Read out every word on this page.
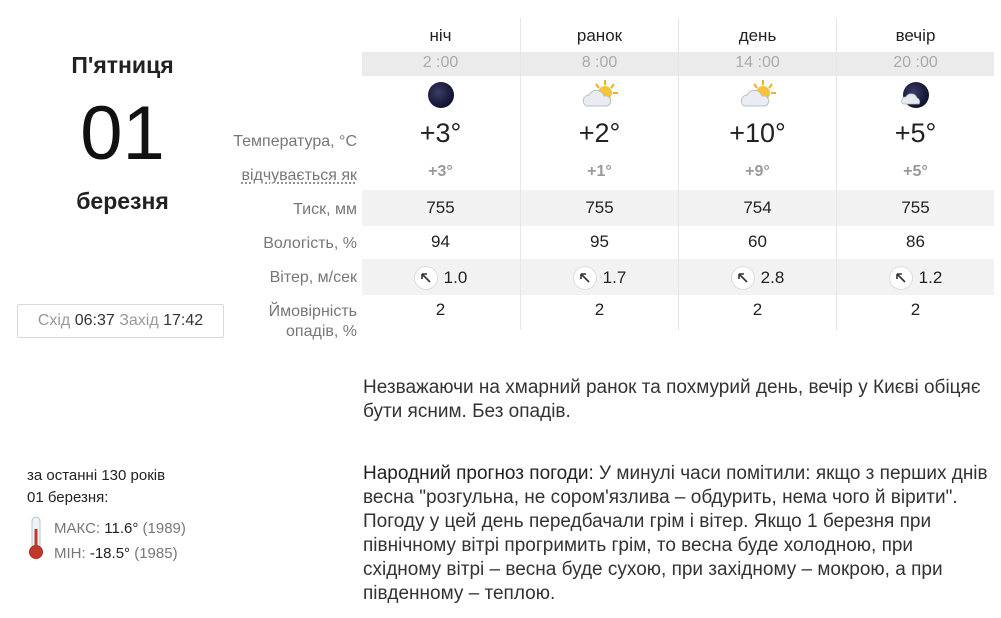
П'ятниця
01
березня
Схід 06:37 Захід 17:42
Температура, °C
відчувається як
Тиск, мм
Вологість, %
Вітер, м/сек
Ймовірність
опадів, %
ніч
2 :00
+3°
+3°
755
94
1.0
2
ранок
8 :00
+2°
+1°
755
95
1.7
2
день
14 :00
+10°
+9°
754
60
2.8
2
вечір
20 :00
+5°
+5°
755
86
1.2
2
Незважаючи на хмарний ранок та похмурий день, вечір у Києві обіцяє бути ясним. Без опадів.
Народний прогноз погоди: У минулі часи помітили: якщо з перших днів весна "розгульна, не сором'язлива – обдурить, нема чого й вірити". Погоду у цей день передбачали грім і вітер. Якщо 1 березня при північному вітрі прогримить грім, то весна буде холодною, при східному вітрі – весна буде сухою, при західному – мокрою, а при південному – теплою.
за останні 130 років
01 березня:
МАКС: 11.6° (1989)
МІН: -18.5° (1985)
